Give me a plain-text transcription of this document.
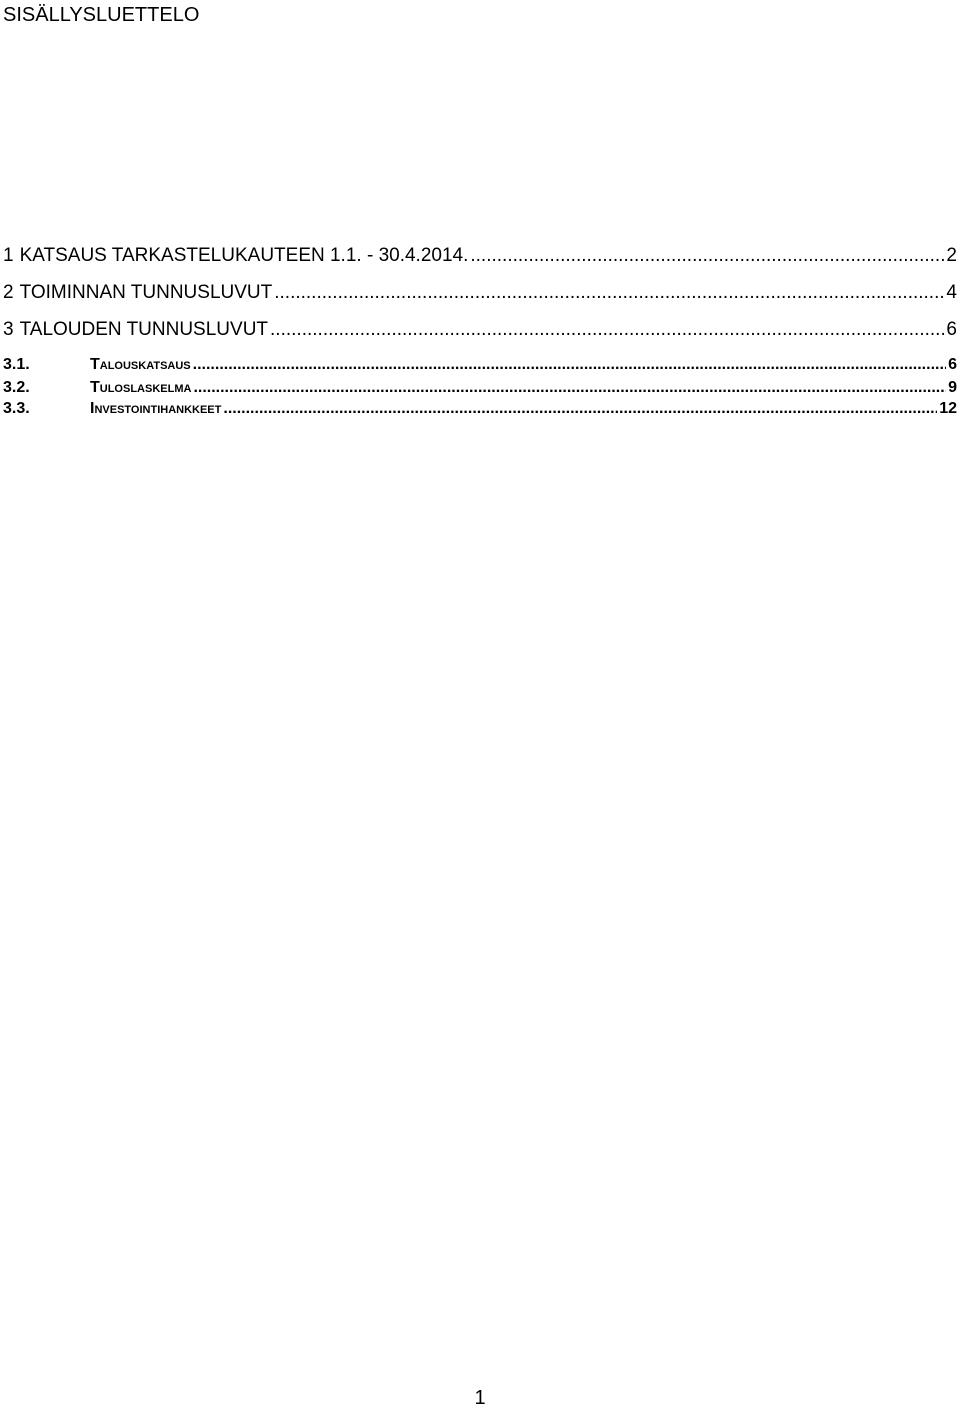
SISÄLLYSLUETTELO
1 KATSAUS TARKASTELUKAUTEEN 1.1. - 30.4.2014. .....	2
2 TOIMINNAN TUNNUSLUVUT .....	4
3 TALOUDEN TUNNUSLUVUT .....	6
3.1.	Talouskatsaus .....	6
3.2.	Tuloslaskelma .....	9
3.3.	Investointihankkeet .....	12
1
